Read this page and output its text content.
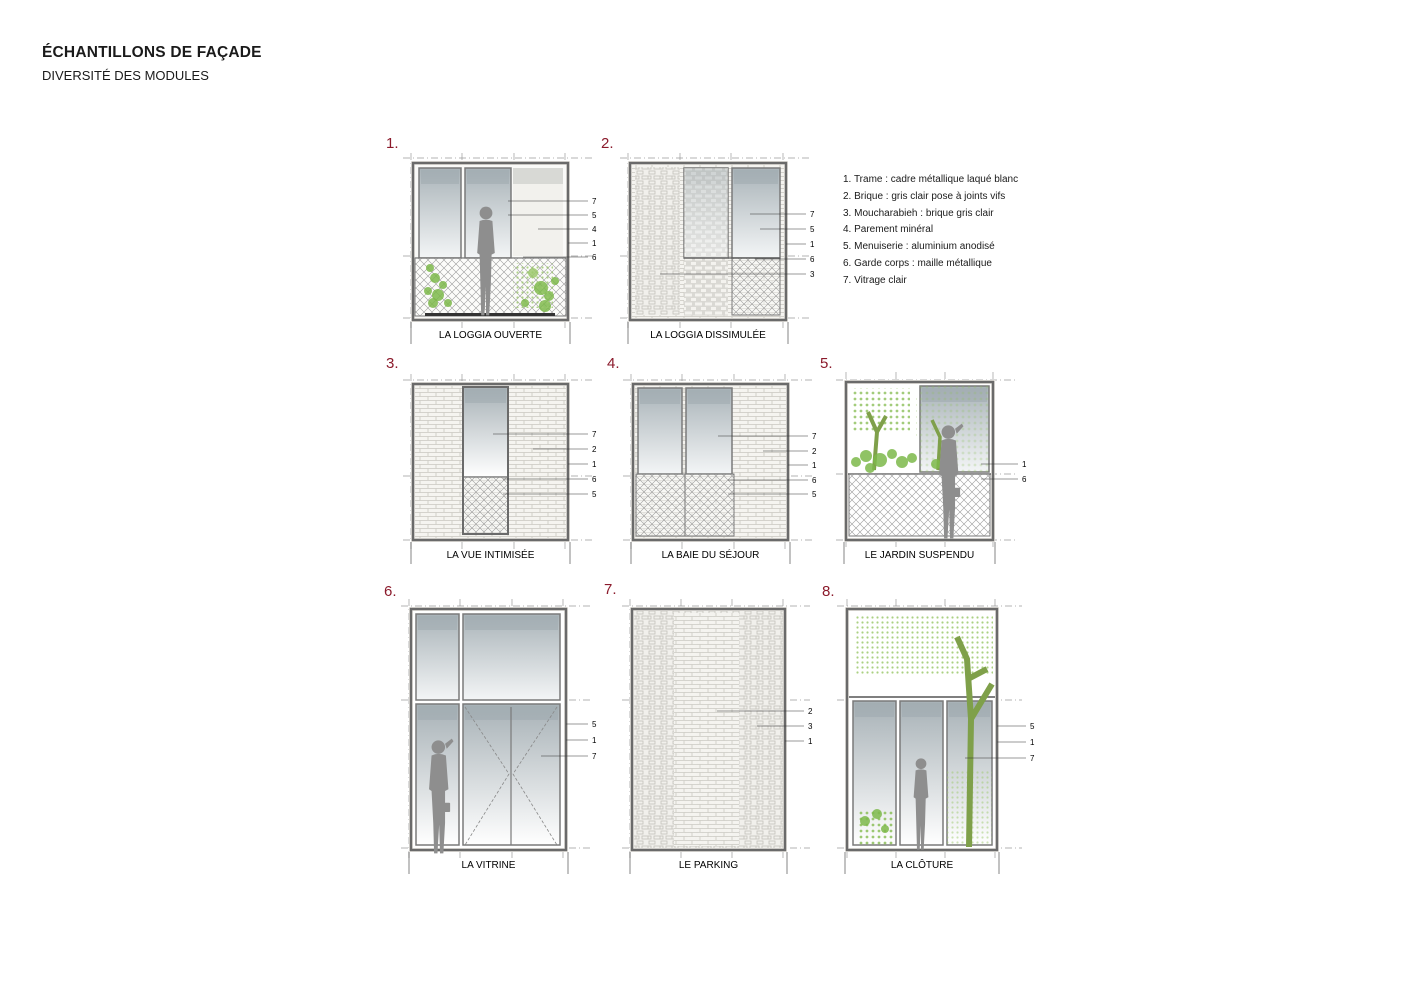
ÉCHANTILLONS DE FAÇADE
DIVERSITÉ DES MODULES
1. Trame : cadre métallique laqué blanc
2. Brique : gris clair pose à joints vifs
3. Moucharabieh : brique gris clair
4. Parement minéral
5. Menuiserie : aluminium anodisé
6. Garde corps : maille métallique
7. Vitrage clair
7
5
4
1
6
LA LOGGIA OUVERTE
1.
7
5
1
6
3
LA LOGGIA DISSIMULÉE
2.
7
2
1
6
5
LA VUE INTIMISÉE
3.
7
2
1
6
5
LA BAIE DU SÉJOUR
4.
1
6
LE JARDIN SUSPENDU
5.
5
1
7
LA VITRINE
6.
2
3
1
LE PARKING
7.
5
1
7
LA CLÔTURE
8.
